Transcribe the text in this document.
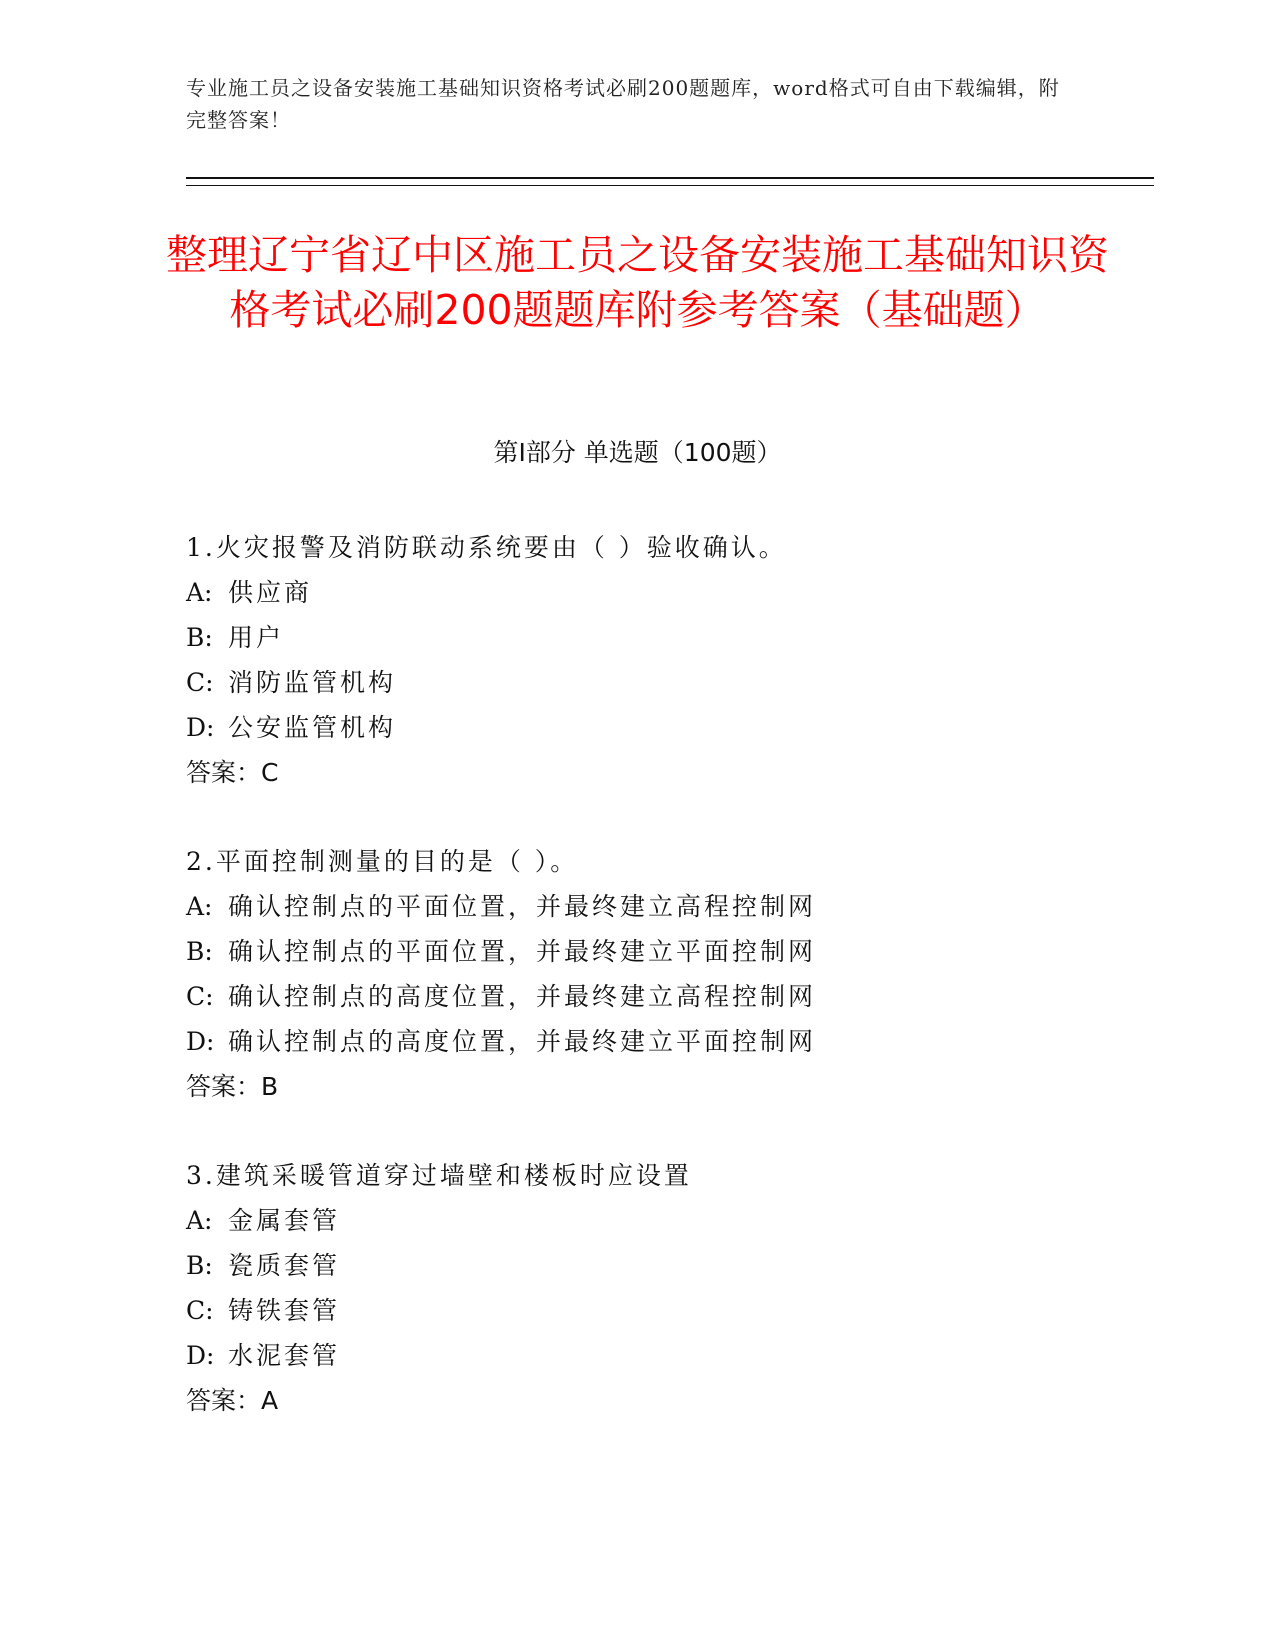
专业施工员之设备安装施工基础知识资格考试必刷200题题库，word格式可自由下载编辑，附完整答案！
整理辽宁省辽中区施工员之设备安装施工基础知识资格考试必刷200题题库附参考答案（基础题）
第Ⅰ部分 单选题（100题）
1.火灾报警及消防联动系统要由（ ）验收确认。
A: 供应商
B: 用户
C: 消防监管机构
D: 公安监管机构
答案：C
2.平面控制测量的目的是（ ）。
A: 确认控制点的平面位置，并最终建立高程控制网
B: 确认控制点的平面位置，并最终建立平面控制网
C: 确认控制点的高度位置，并最终建立高程控制网
D: 确认控制点的高度位置，并最终建立平面控制网
答案：B
3.建筑采暖管道穿过墙壁和楼板时应设置
A: 金属套管
B: 瓷质套管
C: 铸铁套管
D: 水泥套管
答案：A
